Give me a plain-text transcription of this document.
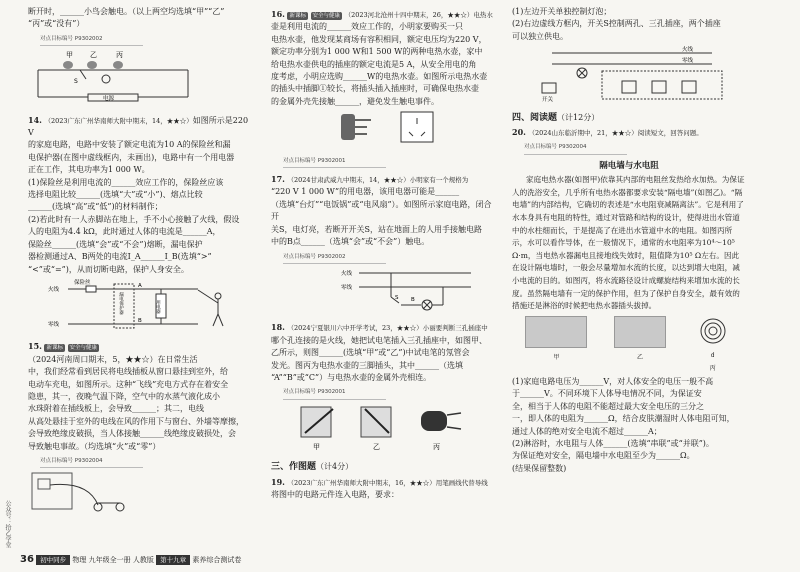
断开时，______小鸟会触电。（以上两空均选填“甲”“乙”

“丙”或“没有”）

对点目标编号 P9302002
甲 乙	丙
S
电源

14. （2023广东广州华南师大附中期末，14，★★☆）如图所示是220 V

的家庭电路，电路中安装了额定电流为10 A的保险丝和漏

电保护器(在图中虚线框内，未画出)，电路中有一个用电器

正在工作，其电功率为1 000 W。

(1)保险丝是利用电流的______效应工作的，保险丝应该

选择电阻比较______(选填“大”或“小”)、熔点比较

______(选填“高”或“低”)的材料制作；

(2)若此时有一人赤脚站在地上，手不小心接触了火线，假设

人的电阻为4.4 kΩ，此时通过人体的电流是______A，

保险丝______(选填“会”或“不会”)熔断，漏电保护

器检测通过A、B两处的电流I_A______I_B(选填“>”

“<”或“=”)，从而切断电路，保护人身安全。

保险丝
火线
零线
漏电保护器
A
B
用电器

15. 新课标 安全与健康

（2024河南周口期末，5，★★☆）在日常生活

中，我们经常看到居民将电线插板从窗口悬挂到室外，给

电动车充电，如图所示。这种“飞线”充电方式存在着安全

隐患，其一，夜晚气温下降，空气中的水蒸气液化成小

水珠附着在插线板上，会导致______；其二，电线

从高处悬挂于室外的电线在风的作用下与窗台、外墙等摩擦，

会导致绝缘皮破损，当人体接触______线绝缘皮破损处，会

导致触电事故。（均选填“火”或“零”）

对点目标编号 P9302004

16. 新课标 安全与健康 （2023河北沧州十四中期末，26，★★☆）电热水

壶是利用电流的______效应工作的，小明家要购买一只

电热水壶，他发现某商场有容积相同，额定电压均为220 V，

额定功率分别为1 000 W和1 500 W的两种电热水壶，家中

给电热水壶供电的插座的额定电流是5 A，从安全用电的角

度考虑，小明应选购______W的电热水壶。如图所示电热水壶

的插头中插脚①较长，将插头插入插座时，可确保电热水壶

的金属外壳先接触______，避免发生触电事件。

对点目标编号 P9302001

17. （2024甘肃武威九中期末，14，★★☆）小明家有一个规格为

“220 V 1 000 W”的用电器，该用电器可能是______

（选填“台灯”“电饭锅”或“电风扇”）。如图所示家庭电路，闭合开

关S，电灯亮，若断开开关S，站在地面上的人用手接触电路

中的B点______（选填“会”或“不会”）触电。

对点目标编号 P9302002
火线
零线
S B

18. （2024宁夏银川六中开学考试，23，★★☆）小丽要判断三孔插座中

哪个孔连接的是火线，她把试电笔插入三孔插座中，如图甲、

乙所示，则图______(选填“甲”或“乙”)中试电笔的氖管会

发光。图丙为电热水壶的三脚插头，其中______（选填

“A”“B”或“C”）与电热水壶的金属外壳相连。

对点目标编号 P9302001
甲	乙	丙
三、作图题（计4分）

19. （2023广东广州华南师大附中期末，16，★★☆）用笔画线代替导线

将图中的电路元件连入电路，要求：

(1)左边开关单独控制灯泡；

(2)右边虚线方框内，开关S控制两孔、三孔插座，两个插座

可以独立供电。

火线
零线
开关
四、阅读题（计12分）

20. （2024山东临沂期中，21，★★☆）阅读短文，回答问题。

对点目标编号 P9302004
隔电墙与水电阻

家庭电热水器(如图甲)依靠其内部的电阻丝发热给水加热。为保证人的洗浴安全，几乎所有电热水器都要求安装“隔电墙”(如图乙)。“隔电墙”的内部结构，它确切的表述是“水电阻衰减隔离法”。它是利用了水本身具有电阻的特性，通过对管路和结构的设计，使得进出水管道中的水柱细而长，于是提高了在进出水管道中水的电阻。如图丙所示，水可以看作导体，在一般情况下，通常的水电阻率为10⁴～10⁵ Ω·m，当电热水器漏电且接地线失效时，阻值降为10⁵ Ω左右。因此在设计隔电墙时，一般会尽量增加水流的长度，以达到增大电阻，减小电流的目的。如图丙，将水流路径设计成螺旋结构来增加水流的长度。虽然隔电墙有一定的保护作用，但为了保护自身安全，最有效的措施还是淋浴的时候把电热水器插头拔掉。

甲	乙	d
丙

(1)家庭电路电压为______V，对人体安全的电压一般不高

于______V。不同环境下人体导电情况不同，为保证安

全，相当于人体的电阻不能超过最大安全电压的三分之

一，即人体的电阻为______Ω，结合皮肤潮湿时人体电阻可知，

通过人体的绝对安全电流不超过______A；

(2)淋浴时，水电阻与人体______(选填“串联”或“并联”)。

为保证绝对安全，隔电墙中水电阻至少为______Ω。

(结果保留整数)

公众号：拾乙学堂
36 初中同步 物理 九年级全一册 人教版 第十九章 素养综合测试卷
